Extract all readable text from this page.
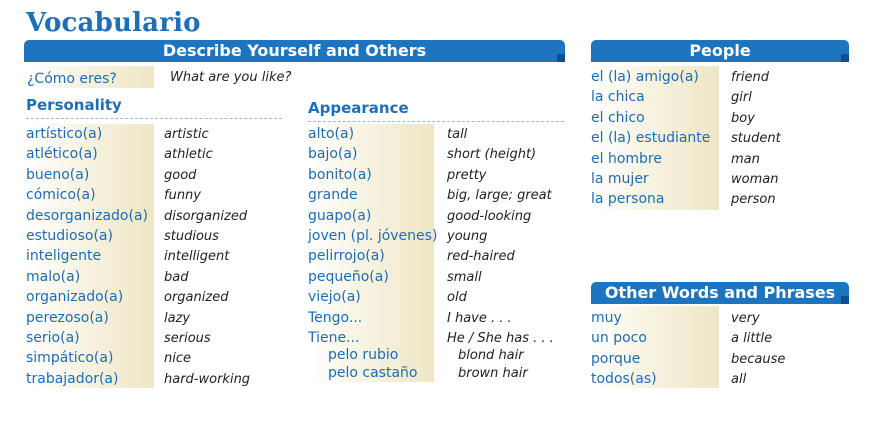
Vocabulario
Describe Yourself and Others
¿Cómo eres?	What are you like?
Personality
artístico(a)	artistic
atlético(a)	athletic
bueno(a)	good
cómico(a)	funny
desorganizado(a) disorganized
estudioso(a)	studious
inteligente	intelligent
malo(a)	bad
organizado(a)	organized
perezoso(a)	lazy
serio(a)	serious
simpático(a)	nice
trabajador(a)	hard-working
Appearance
alto(a)	tall
bajo(a)	short (height)
bonito(a)	pretty
grande	big, large; great
guapo(a)	good-looking
joven (pl. jóvenes) young
pelirrojo(a)	red-haired
pequeño(a)	small
viejo(a)	old
Tengo...	I have . . .
Tiene...	He / She has . . .
pelo rubio	blond hair
pelo castaño	brown hair
People
el (la) amigo(a) friend
la chica	girl
el chico	boy
el (la) estudiante student
el hombre	man
la mujer	woman
la persona	person
Other Words and Phrases
muy	very
un poco	a little
porque	because
todos(as)	all
